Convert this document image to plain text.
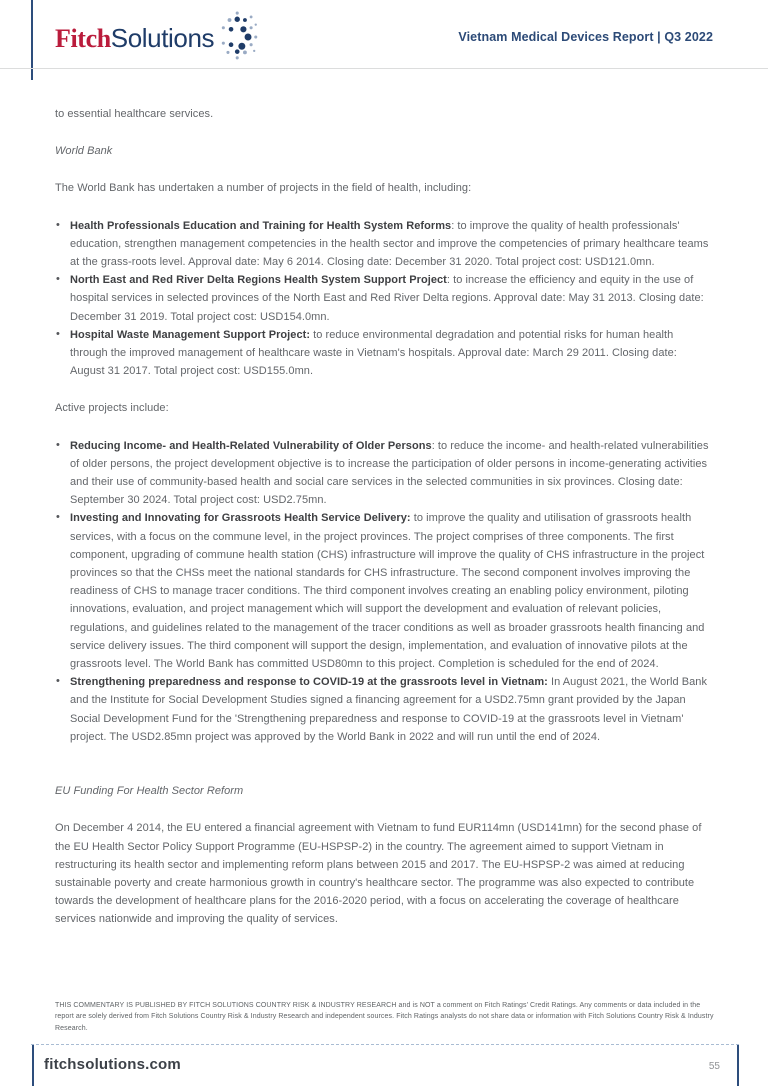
FitchSolutions	Vietnam Medical Devices Report | Q3 2022

to essential healthcare services.

World Bank

The World Bank has undertaken a number of projects in the field of health, including:

• Health Professionals Education and Training for Health System Reforms: to improve the quality of health professionals' education, strengthen management competencies in the health sector and improve the competencies of primary healthcare teams at the grass-roots level. Approval date: May 6 2014. Closing date: December 31 2020. Total project cost: USD121.0mn.
• North East and Red River Delta Regions Health System Support Project: to increase the efficiency and equity in the use of hospital services in selected provinces of the North East and Red River Delta regions. Approval date: May 31 2013. Closing date: December 31 2019. Total project cost: USD154.0mn.
• Hospital Waste Management Support Project: to reduce environmental degradation and potential risks for human health through the improved management of healthcare waste in Vietnam's hospitals. Approval date: March 29 2011. Closing date: August 31 2017. Total project cost: USD155.0mn.

Active projects include:

• Reducing Income- and Health-Related Vulnerability of Older Persons: to reduce the income- and health-related vulnerabilities of older persons, the project development objective is to increase the participation of older persons in income-generating activities and their use of community-based health and social care services in the selected communities in six provinces. Closing date: September 30 2024. Total project cost: USD2.75mn.
• Investing and Innovating for Grassroots Health Service Delivery: to improve the quality and utilisation of grassroots health services, with a focus on the commune level, in the project provinces. The project comprises of three components. The first component, upgrading of commune health station (CHS) infrastructure will improve the quality of CHS infrastructure in the project provinces so that the CHSs meet the national standards for CHS infrastructure. The second component involves improving the readiness of CHS to manage tracer conditions. The third component involves creating an enabling policy environment, piloting innovations, evaluation, and project management which will support the development and evaluation of relevant policies, regulations, and guidelines related to the management of the tracer conditions as well as broader grassroots health financing and service delivery issues. The third component will support the design, implementation, and evaluation of innovative pilots at the grassroots level. The World Bank has committed USD80mn to this project. Completion is scheduled for the end of 2024.
• Strengthening preparedness and response to COVID-19 at the grassroots level in Vietnam: In August 2021, the World Bank and the Institute for Social Development Studies signed a financing agreement for a USD2.75mn grant provided by the Japan Social Development Fund for the 'Strengthening preparedness and response to COVID-19 at the grassroots level in Vietnam' project. The USD2.85mn project was approved by the World Bank in 2022 and will run until the end of 2024.

EU Funding For Health Sector Reform

On December 4 2014, the EU entered a financial agreement with Vietnam to fund EUR114mn (USD141mn) for the second phase of the EU Health Sector Policy Support Programme (EU-HSPSP-2) in the country. The agreement aimed to support Vietnam in restructuring its health sector and implementing reform plans between 2015 and 2017. The EU-HSPSP-2 was aimed at reducing sustainable poverty and create harmonious growth in country's healthcare sector. The programme was also expected to contribute towards the development of healthcare plans for the 2016-2020 period, with a focus on accelerating the coverage of healthcare services nationwide and improving the quality of services.

THIS COMMENTARY IS PUBLISHED BY FITCH SOLUTIONS COUNTRY RISK & INDUSTRY RESEARCH and is NOT a comment on Fitch Ratings' Credit Ratings. Any comments or data included in the report are solely derived from Fitch Solutions Country Risk & Industry Research and independent sources. Fitch Ratings analysts do not share data or information with Fitch Solutions Country Risk & Industry Research.

fitchsolutions.com	55
